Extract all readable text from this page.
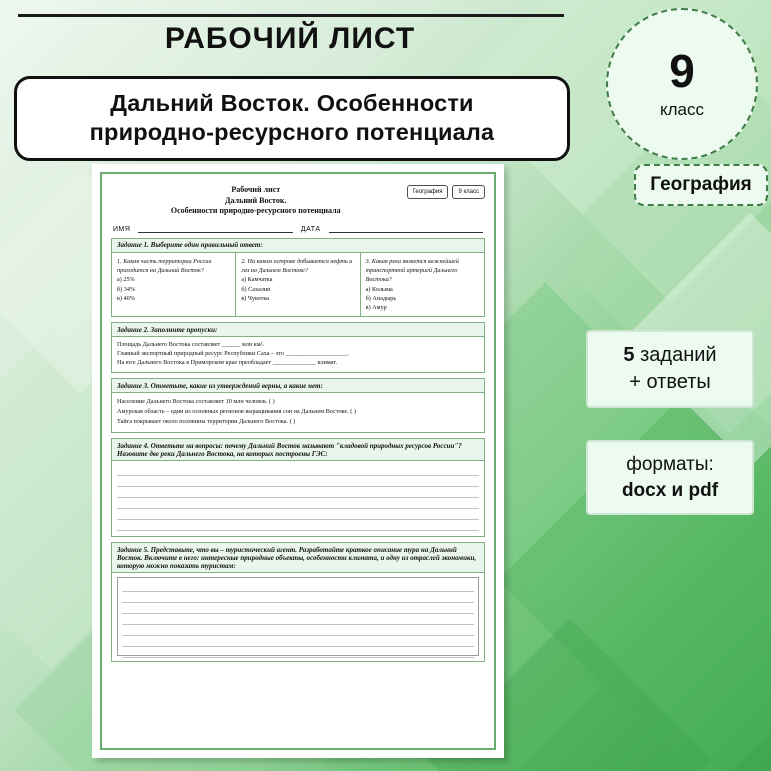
РАБОЧИЙ ЛИСТ
Дальний Восток. Особенности
природно-ресурсного потенциала
9
класс
География
5 заданий
+ ответы
форматы:
docx и pdf
Рабочий лист
Дальний Восток.
Особенности природно-ресурсного потенциала
География	9 класс
ИМЯ	ДАТА
Задание 1. Выберите один правильный ответ:
1. Какая часть территории России приходится на Дальний Восток?
а) 25%
б) 34%
в) 40%
2. На каком острове добывается нефть и газ на Дальнем Востоке?
а) Камчатка
б) Сахалин
в) Чукотка
3. Какая река является важнейшей транспортной артерией Дальнего Востока?
а) Колыма
б) Анадырь
в) Амур
Задание 2. Заполните пропуски:
Площадь Дальнего Востока составляет ______ млн км².
Главный экспортный природный ресурс Республики Саха – это ____________________.
На юге Дальнего Востока в Приморском крае преобладает ______________ климат.
Задание 3. Отметьте, какие из утверждений верны, а какие нет:
Население Дальнего Востока составляет 10 млн человек. ( )
Амурская область – один из основных регионов выращивания сои на Дальнем Востоке. ( )
Тайга покрывает около половины территории Дальнего Востока. ( )
Задание 4. Ответьте на вопросы: почему Дальний Восток называют "кладовой природных ресурсов России"? Назовите две реки Дальнего Востока, на которых построены ГЭС:
Задание 5. Представьте, что вы – туристический агент. Разработайте краткое описание тура на Дальний Восток. Включите в него: интересные природные объекты, особенности климата, и одну из отраслей экономики, которую можно показать туристам:
